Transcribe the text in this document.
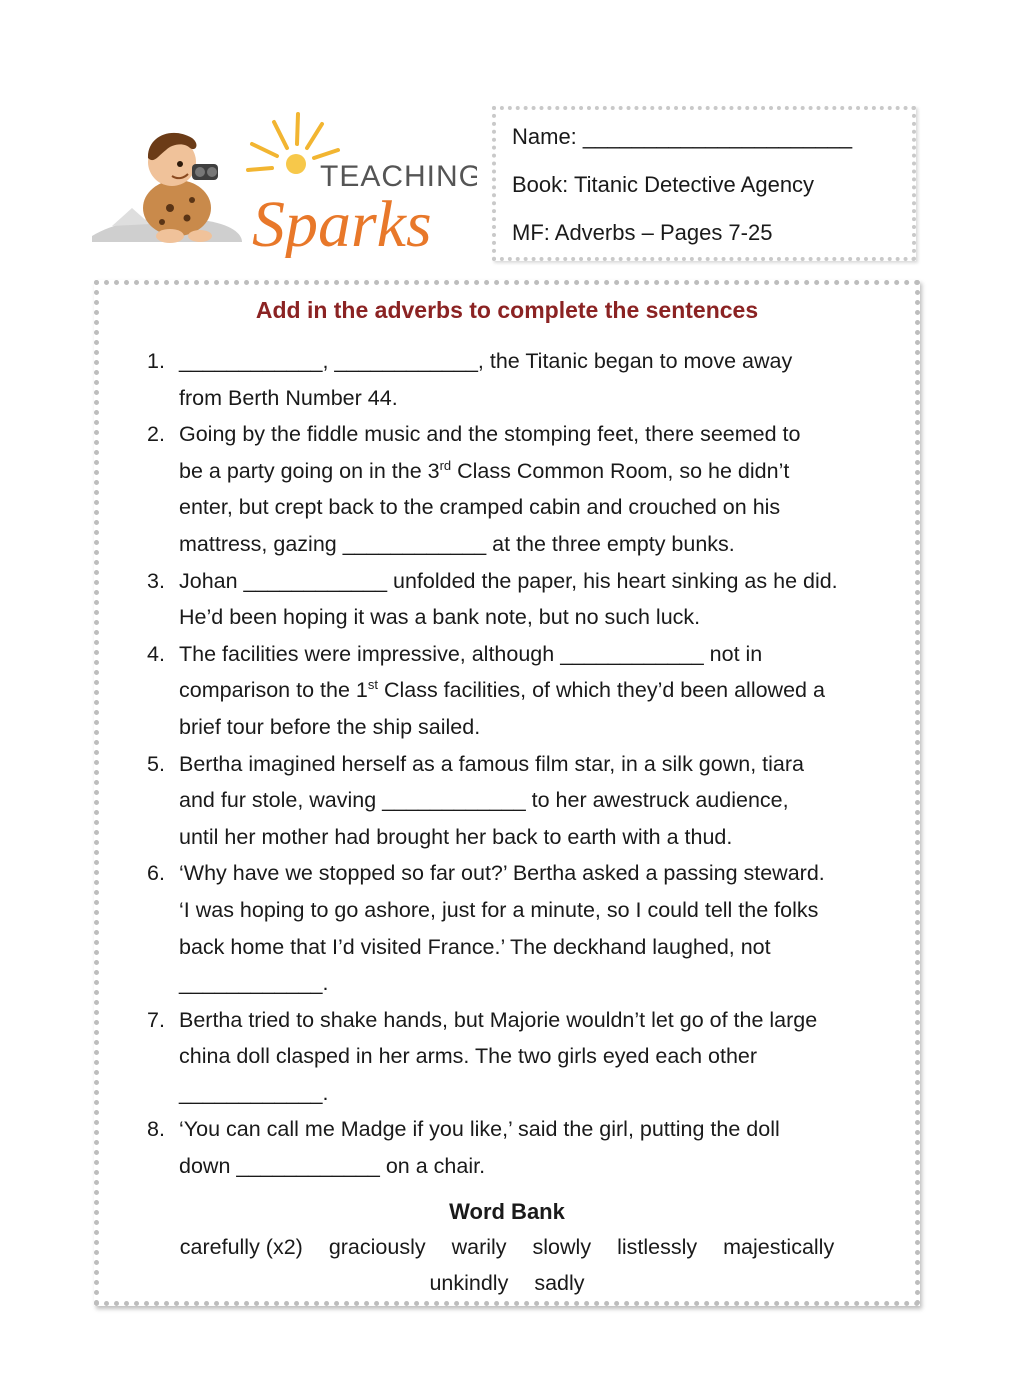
TEACHING
Sparks
Name: ______________________
Book: Titanic Detective Agency
MF: Adverbs – Pages 7-25
Add in the adverbs to complete the sentences
1. ____________, ____________, the Titanic began to move away
from Berth Number 44.
2. Going by the fiddle music and the stomping feet, there seemed to
be a party going on in the 3rd Class Common Room, so he didn’t
enter, but crept back to the cramped cabin and crouched on his
mattress, gazing ____________ at the three empty bunks.
3. Johan ____________ unfolded the paper, his heart sinking as he did.
He’d been hoping it was a bank note, but no such luck.
4. The facilities were impressive, although ____________ not in
comparison to the 1st Class facilities, of which they’d been allowed a
brief tour before the ship sailed.
5. Bertha imagined herself as a famous film star, in a silk gown, tiara
and fur stole, waving ____________ to her awestruck audience,
until her mother had brought her back to earth with a thud.
6. ‘Why have we stopped so far out?’ Bertha asked a passing steward.
‘I was hoping to go ashore, just for a minute, so I could tell the folks
back home that I’d visited France.’ The deckhand laughed, not
____________.
7. Bertha tried to shake hands, but Majorie wouldn’t let go of the large
china doll clasped in her arms. The two girls eyed each other
____________.
8. ‘You can call me Madge if you like,’ said the girl, putting the doll
down ____________ on a chair.
Word Bank
carefully (x2) graciously warily slowly listlessly majestically
unkindly sadly
